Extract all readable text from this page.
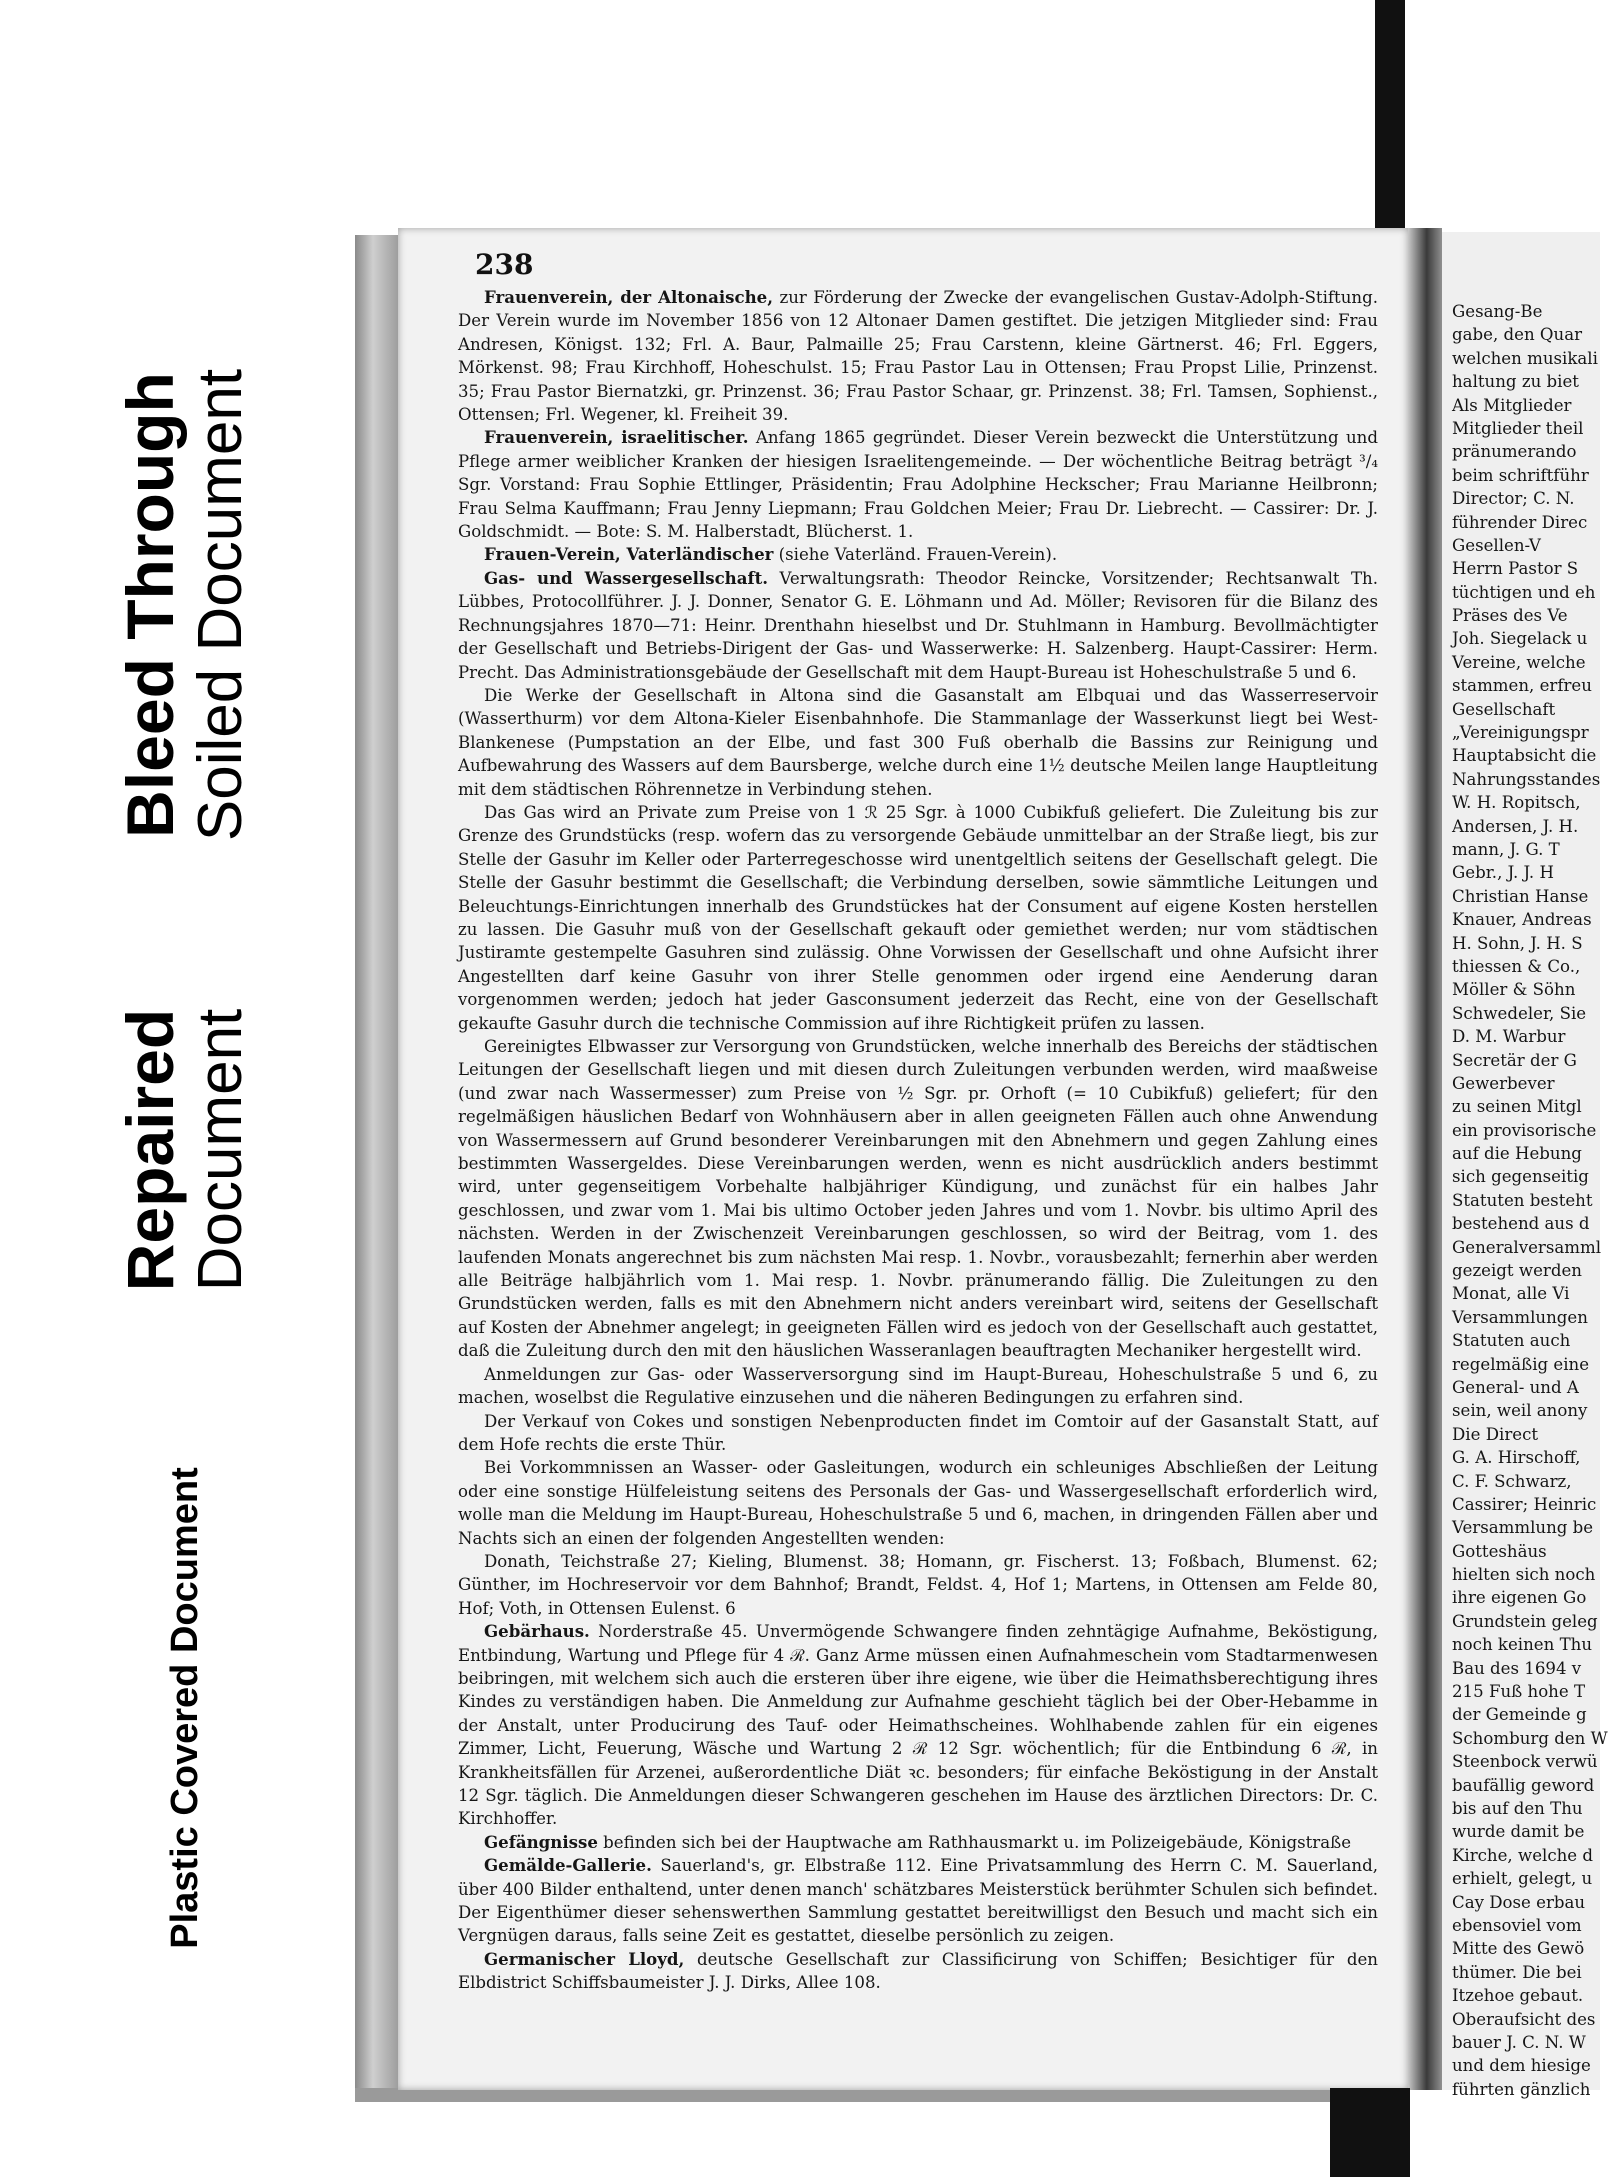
Bleed Through Soiled Document
Repaired Document
Plastic Covered Document
238

Frauenverein, der Altonaische, zur Förderung der Zwecke der evangelischen Gustav-Adolph-Stiftung. Der Verein wurde im November 1856 von 12 Altonaer Damen gestiftet. Die jetzigen Mitglieder sind: Frau Andresen, Königst. 132; Frl. A. Baur, Palmaille 25; Frau Carstenn, kleine Gärtnerst. 46; Frl. Eggers, Mörkenst. 98; Frau Kirchhoff, Hoheschulst. 15; Frau Pastor Lau in Ottensen; Frau Propst Lilie, Prinzenst. 35; Frau Pastor Biernatzki, gr. Prinzenst. 36; Frau Pastor Schaar, gr. Prinzenst. 38; Frl. Tamsen, Sophienst., Ottensen; Frl. Wegener, kl. Freiheit 39.

Frauenverein, israelitischer. Anfang 1865 gegründet. Dieser Verein bezweckt die Unterstützung und Pflege armer weiblicher Kranken der hiesigen Israelitengemeinde. — Der wöchentliche Beitrag beträgt ³/₄ Sgr. Vorstand: Frau Sophie Ettlinger, Präsidentin; Frau Adolphine Heckscher; Frau Marianne Heilbronn; Frau Selma Kauffmann; Frau Jenny Liepmann; Frau Goldchen Meier; Frau Dr. Liebrecht. — Cassirer: Dr. J. Goldschmidt. — Bote: S. M. Halberstadt, Blücherst. 1.

Frauen-Verein, Vaterländischer (siehe Vaterländ. Frauen-Verein).

Gas- und Wassergesellschaft. Verwaltungsrath: Theodor Reincke, Vorsitzender; Rechtsanwalt Th. Lübbes, Protocollführer. J. J. Donner, Senator G. E. Löhmann und Ad. Möller; Revisoren für die Bilanz des Rechnungsjahres 1870—71: Heinr. Drenthahn hieselbst und Dr. Stuhlmann in Hamburg. Bevollmächtigter der Gesellschaft und Betriebs-Dirigent der Gas- und Wasserwerke: H. Salzenberg. Haupt-Cassirer: Herm. Precht. Das Administrationsgebäude der Gesellschaft mit dem Haupt-Bureau ist Hoheschulstraße 5 und 6.

Die Werke der Gesellschaft in Altona sind die Gasanstalt am Elbquai und das Wasserreservoir (Wasserthurm) vor dem Altona-Kieler Eisenbahnhofe. Die Stammanlage der Wasserkunst liegt bei West-Blankenese (Pumpstation an der Elbe, und fast 300 Fuß oberhalb die Bassins zur Reinigung und Aufbewahrung des Wassers auf dem Baursberge, welche durch eine 1½ deutsche Meilen lange Hauptleitung mit dem städtischen Röhrennetze in Verbindung stehen.

Das Gas wird an Private zum Preise von 1 ℛ 25 Sgr. à 1000 Cubikfuß geliefert. Die Zuleitung bis zur Grenze des Grundstücks (resp. wofern das zu versorgende Gebäude unmittelbar an der Straße liegt, bis zur Stelle der Gasuhr im Keller oder Parterregeschosse wird unentgeltlich seitens der Gesellschaft gelegt. Die Stelle der Gasuhr bestimmt die Gesellschaft; die Verbindung derselben, sowie sämmtliche Leitungen und Beleuchtungs-Einrichtungen innerhalb des Grundstückes hat der Consument auf eigene Kosten herstellen zu lassen. Die Gasuhr muß von der Gesellschaft gekauft oder gemiethet werden; nur vom städtischen Justiramte gestempelte Gasuhren sind zulässig. Ohne Vorwissen der Gesellschaft und ohne Aufsicht ihrer Angestellten darf keine Gasuhr von ihrer Stelle genommen oder irgend eine Aenderung daran vorgenommen werden; jedoch hat jeder Gasconsument jederzeit das Recht, eine von der Gesellschaft gekaufte Gasuhr durch die technische Commission auf ihre Richtigkeit prüfen zu lassen.

Gereinigtes Elbwasser zur Versorgung von Grundstücken, welche innerhalb des Bereichs der städtischen Leitungen der Gesellschaft liegen und mit diesen durch Zuleitungen verbunden werden, wird maaßweise (und zwar nach Wassermesser) zum Preise von ½ Sgr. pr. Orhoft (= 10 Cubikfuß) geliefert; für den regelmäßigen häuslichen Bedarf von Wohnhäusern aber in allen geeigneten Fällen auch ohne Anwendung von Wassermessern auf Grund besonderer Vereinbarungen mit den Abnehmern und gegen Zahlung eines bestimmten Wassergeldes. Diese Vereinbarungen werden, wenn es nicht ausdrücklich anders bestimmt wird, unter gegenseitigem Vorbehalte halbjähriger Kündigung, und zunächst für ein halbes Jahr geschlossen, und zwar vom 1. Mai bis ultimo October jeden Jahres und vom 1. Novbr. bis ultimo April des nächsten. Werden in der Zwischenzeit Vereinbarungen geschlossen, so wird der Beitrag, vom 1. des laufenden Monats angerechnet bis zum nächsten Mai resp. 1. Novbr., vorausbezahlt; fernerhin aber werden alle Beiträge halbjährlich vom 1. Mai resp. 1. Novbr. pränumerando fällig. Die Zuleitungen zu den Grundstücken werden, falls es mit den Abnehmern nicht anders vereinbart wird, seitens der Gesellschaft auf Kosten der Abnehmer angelegt; in geeigneten Fällen wird es jedoch von der Gesellschaft auch gestattet, daß die Zuleitung durch den mit den häuslichen Wasseranlagen beauftragten Mechaniker hergestellt wird.

Anmeldungen zur Gas- oder Wasserversorgung sind im Haupt-Bureau, Hoheschulstraße 5 und 6, zu machen, woselbst die Regulative einzusehen und die näheren Bedingungen zu erfahren sind.

Der Verkauf von Cokes und sonstigen Nebenproducten findet im Comtoir auf der Gasanstalt Statt, auf dem Hofe rechts die erste Thür.

Bei Vorkommnissen an Wasser- oder Gasleitungen, wodurch ein schleuniges Abschließen der Leitung oder eine sonstige Hülfeleistung seitens des Personals der Gas- und Wassergesellschaft erforderlich wird, wolle man die Meldung im Haupt-Bureau, Hoheschulstraße 5 und 6, machen, in dringenden Fällen aber und Nachts sich an einen der folgenden Angestellten wenden:

Donath, Teichstraße 27; Kieling, Blumenst. 38; Homann, gr. Fischerst. 13; Foßbach, Blumenst. 62; Günther, im Hochreservoir vor dem Bahnhof; Brandt, Feldst. 4, Hof 1; Martens, in Ottensen am Felde 80, Hof; Voth, in Ottensen Eulenst. 6

Gebärhaus. Norderstraße 45. Unvermögende Schwangere finden zehntägige Aufnahme, Beköstigung, Entbindung, Wartung und Pflege für 4 ℛ. Ganz Arme müssen einen Aufnahmeschein vom Stadtarmenwesen beibringen, mit welchem sich auch die ersteren über ihre eigene, wie über die Heimathsberechtigung ihres Kindes zu verständigen haben. Die Anmeldung zur Aufnahme geschieht täglich bei der Ober-Hebamme in der Anstalt, unter Producirung des Tauf- oder Heimathscheines. Wohlhabende zahlen für ein eigenes Zimmer, Licht, Feuerung, Wäsche und Wartung 2 ℛ 12 Sgr. wöchentlich; für die Entbindung 6 ℛ, in Krankheitsfällen für Arzenei, außerordentliche Diät ꝛc. besonders; für einfache Beköstigung in der Anstalt 12 Sgr. täglich. Die Anmeldungen dieser Schwangeren geschehen im Hause des ärztlichen Directors: Dr. C. Kirchhoffer.

Gefängnisse befinden sich bei der Hauptwache am Rathhausmarkt u. im Polizeigebäude, Königstraße

Gemälde-Gallerie. Sauerland's, gr. Elbstraße 112. Eine Privatsammlung des Herrn C. M. Sauerland, über 400 Bilder enthaltend, unter denen manch' schätzbares Meisterstück berühmter Schulen sich befindet. Der Eigenthümer dieser sehenswerthen Sammlung gestattet bereitwilligst den Besuch und macht sich ein Vergnügen daraus, falls seine Zeit es gestattet, dieselbe persönlich zu zeigen.

Germanischer Lloyd, deutsche Gesellschaft zur Classificirung von Schiffen; Besichtiger für den Elbdistrict Schiffsbaumeister J. J. Dirks, Allee 108.

Gesang-Be
gabe, den Quar
welchen musikali
haltung zu biet
Als Mitglieder
Mitglieder theil
pränumerando
beim schriftführ
Director; C. N.
führender Direc
Gesellen-V
Herrn Pastor S
tüchtigen und eh
Präses des Ve
Joh. Siegelack u
Vereine, welche
stammen, erfreu
Gesellschaft
„Vereinigungspr
Hauptabsicht die
Nahrungsstandes
W. H. Ropitsch,
Andersen, J. H.
mann, J. G. T
Gebr., J. J. H
Christian Hanse
Knauer, Andreas
H. Sohn, J. H. S
thiessen & Co.,
Möller & Söhn
Schwedeler, Sie
D. M. Warbur
Secretär der G
Gewerbever
zu seinen Mitgl
ein provisorische
auf die Hebung
sich gegenseitig
Statuten besteht
bestehend aus d
Generalversamml
gezeigt werden
Monat, alle Vi
Versammlungen
Statuten auch
regelmäßig eine
General- und A
sein, weil anony
Die Direct
G. A. Hirschoff,
C. F. Schwarz,
Cassirer; Heinric
Versammlung be
Gotteshäus
hielten sich noch
ihre eigenen Go
Grundstein geleg
noch keinen Thu
Bau des 1694 v
215 Fuß hohe T
der Gemeinde g
Schomburg den W
Steenbock verwü
baufällig geword
bis auf den Thu
wurde damit be
Kirche, welche d
erhielt, gelegt, u
Cay Dose erbau
ebensoviel vom
Mitte des Gewö
thümer. Die bei
Itzehoe gebaut.
Oberaufsicht des
bauer J. C. N. W
und dem hiesige
führten gänzlich
